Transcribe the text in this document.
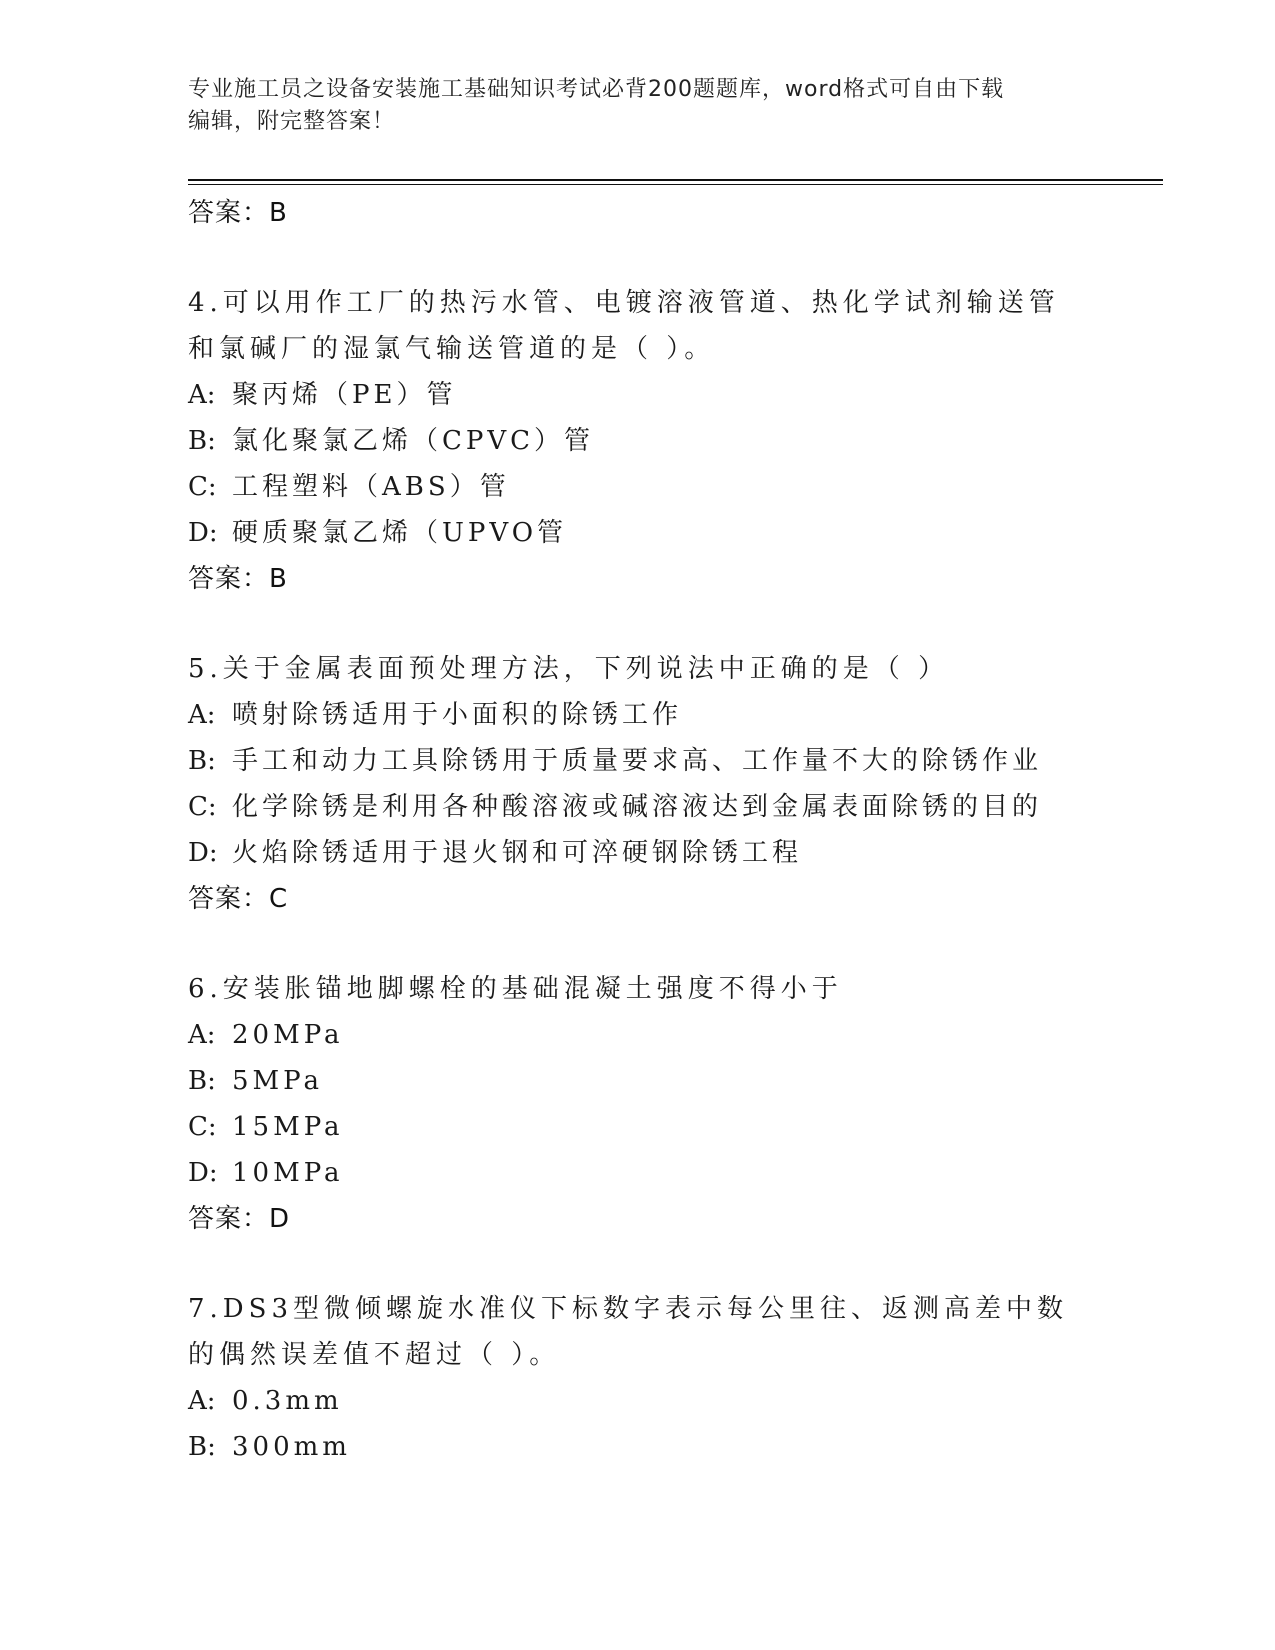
专业施工员之设备安装施工基础知识考试必背200题题库，word格式可自由下载
编辑，附完整答案！
答案：B
4.可以用作工厂的热污水管、电镀溶液管道、热化学试剂输送管和氯碱厂的湿氯气输送管道的是（ ）。
A: 聚丙烯（PE）管
B: 氯化聚氯乙烯（CPVC）管
C: 工程塑料（ABS）管
D: 硬质聚氯乙烯（UPVO管
答案：B
5.关于金属表面预处理方法，下列说法中正确的是（ ）
A: 喷射除锈适用于小面积的除锈工作
B: 手工和动力工具除锈用于质量要求高、工作量不大的除锈作业
C: 化学除锈是利用各种酸溶液或碱溶液达到金属表面除锈的目的
D: 火焰除锈适用于退火钢和可淬硬钢除锈工程
答案：C
6.安装胀锚地脚螺栓的基础混凝土强度不得小于
A: 20MPa
B: 5MPa
C: 15MPa
D: 10MPa
答案：D
7.DS3型微倾螺旋水准仪下标数字表示每公里往、返测高差中数的偶然误差值不超过（ ）。
A: 0.3mm
B: 300mm
